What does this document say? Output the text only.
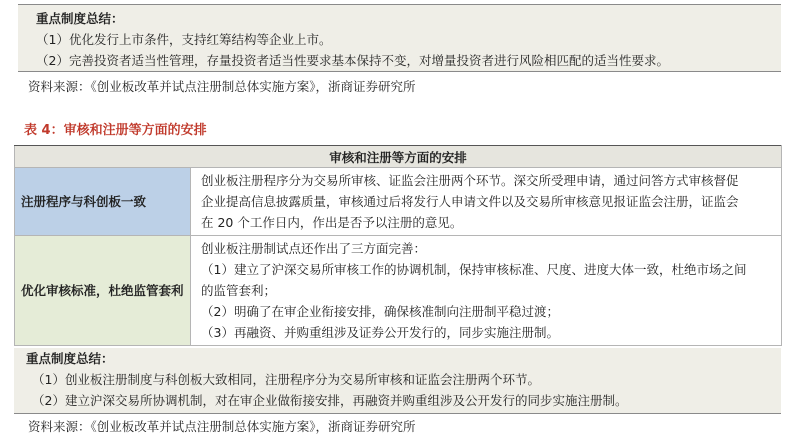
重点制度总结：
（1）优化发行上市条件，支持红筹结构等企业上市。
（2）完善投资者适当性管理，存量投资者适当性要求基本保持不变，对增量投资者进行风险相匹配的适当性要求。
资料来源：《创业板改革并试点注册制总体实施方案》，浙商证券研究所
表 4：审核和注册等方面的安排
审核和注册等方面的安排	
注册程序与科创板一致	创业板注册程序分为交易所审核、证监会注册两个环节。深交所受理申请，通过问答方式审核督促
企业提高信息披露质量，审核通过后将发行人申请文件以及交易所审核意见报证监会注册，证监会
在 20 个工作日内，作出是否予以注册的意见。

优化审核标准，杜绝监管套利	创业板注册制试点还作出了三方面完善：
（1）建立了沪深交易所审核工作的协调机制，保持审核标准、尺度、进度大体一致，杜绝市场之间
的监管套利；
（2）明确了在审企业衔接安排，确保核准制向注册制平稳过渡；
（3）再融资、并购重组涉及证券公开发行的，同步实施注册制。
重点制度总结：
（1）创业板注册制度与科创板大致相同，注册程序分为交易所审核和证监会注册两个环节。
（2）建立沪深交易所协调机制，对在审企业做衔接安排，再融资并购重组涉及公开发行的同步实施注册制。
资料来源：《创业板改革并试点注册制总体实施方案》，浙商证券研究所
